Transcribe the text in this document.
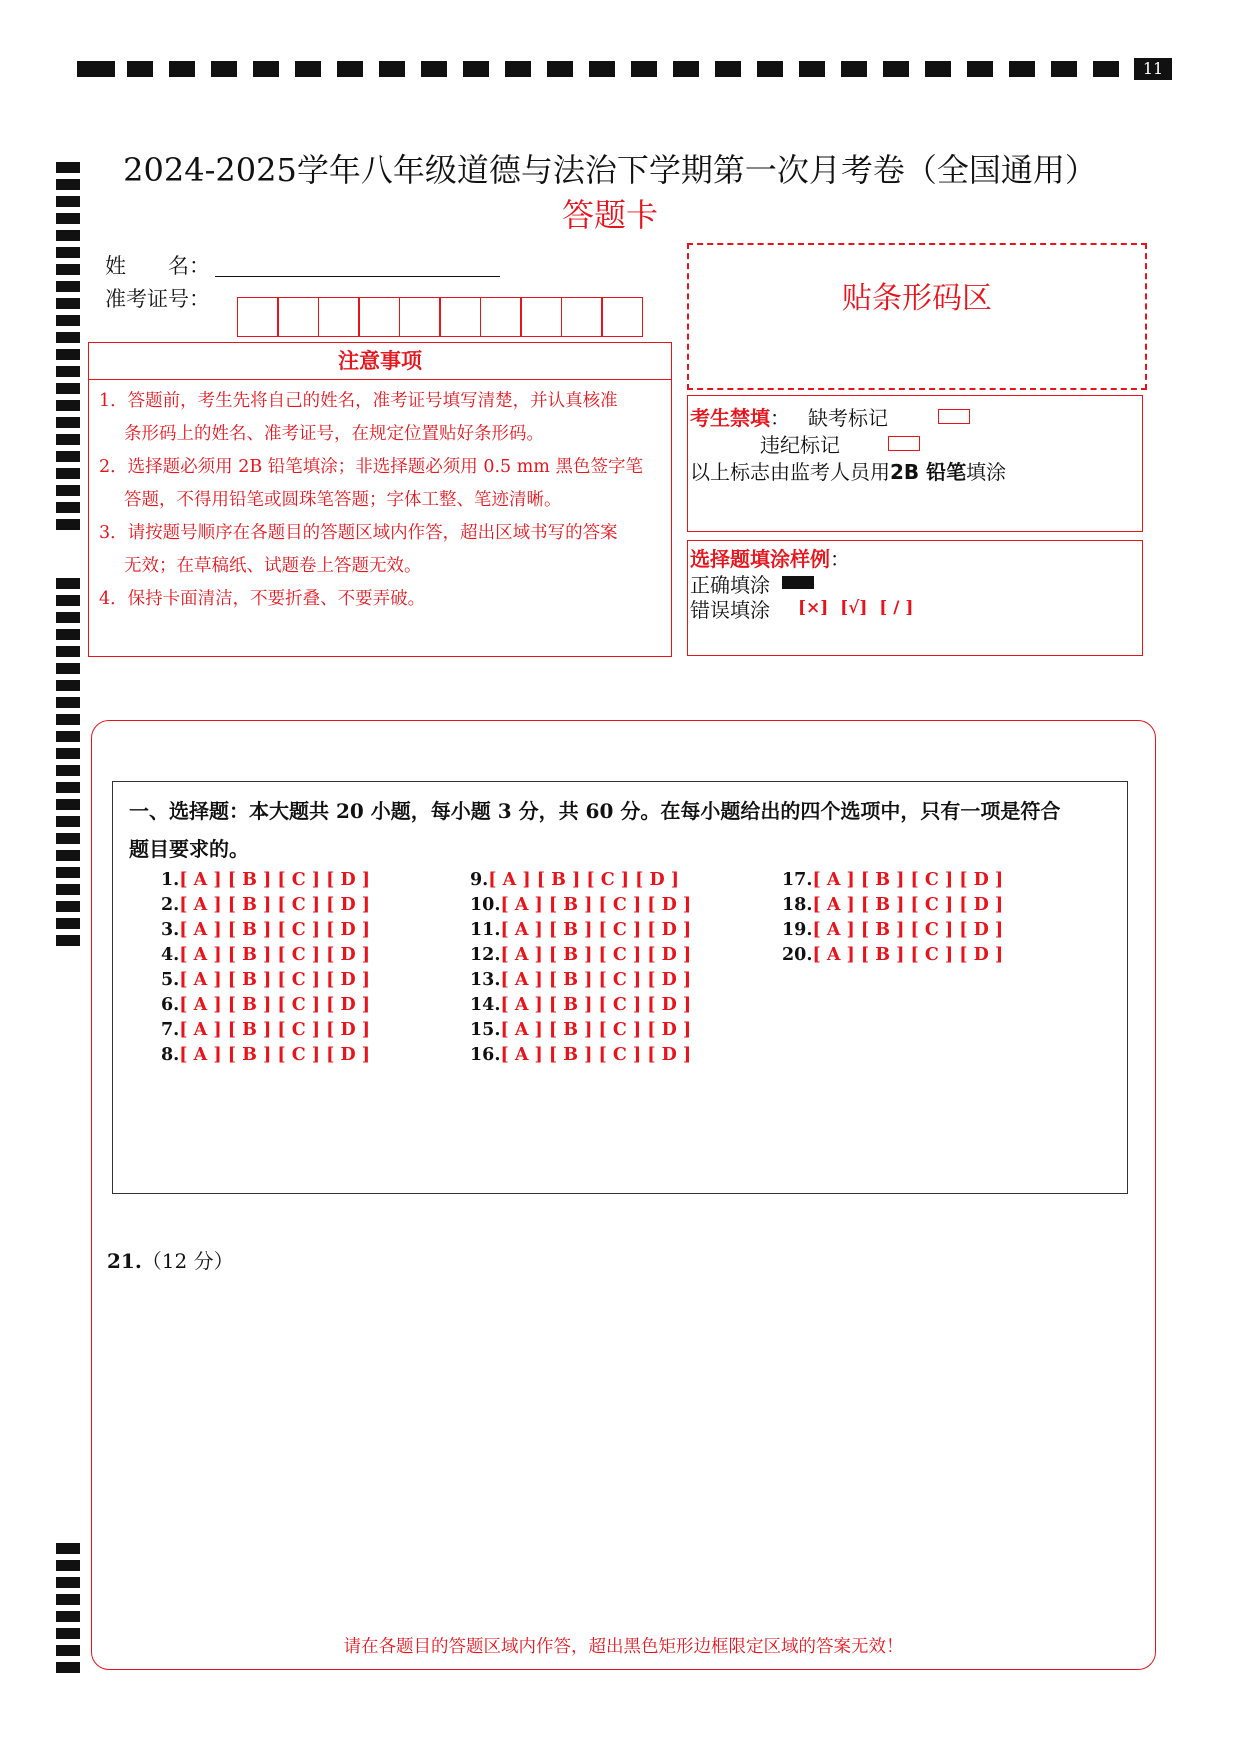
11
2024-2025学年八年级道德与法治下学期第一次月考卷（全国通用）
答题卡
姓　　名：
准考证号：
注意事项
1．答题前，考生先将自己的姓名，准考证号填写清楚，并认真核准
条形码上的姓名、准考证号，在规定位置贴好条形码。
2．选择题必须用 2B 铅笔填涂；非选择题必须用 0.5 mm 黑色签字笔
答题，不得用铅笔或圆珠笔答题；字体工整、笔迹清晰。
3．请按题号顺序在各题目的答题区域内作答，超出区域书写的答案
无效；在草稿纸、试题卷上答题无效。
4．保持卡面清洁，不要折叠、不要弄破。
贴条形码区
考生禁填： 缺考标记
违纪标记
以上标志由监考人员用2B 铅笔填涂
选择题填涂样例：
正确填涂
错误填涂 [×]  [√]  [ / ]
一、选择题：本大题共 20 小题，每小题 3 分，共 60 分。在每小题给出的四个选项中，只有一项是符合
题目要求的。
1.[ A ] [ B ] [ C ] [ D ]
2.[ A ] [ B ] [ C ] [ D ]
3.[ A ] [ B ] [ C ] [ D ]
4.[ A ] [ B ] [ C ] [ D ]
5.[ A ] [ B ] [ C ] [ D ]
6.[ A ] [ B ] [ C ] [ D ]
7.[ A ] [ B ] [ C ] [ D ]
8.[ A ] [ B ] [ C ] [ D ]
9.[ A ] [ B ] [ C ] [ D ]
10.[ A ] [ B ] [ C ] [ D ]
11.[ A ] [ B ] [ C ] [ D ]
12.[ A ] [ B ] [ C ] [ D ]
13.[ A ] [ B ] [ C ] [ D ]
14.[ A ] [ B ] [ C ] [ D ]
15.[ A ] [ B ] [ C ] [ D ]
16.[ A ] [ B ] [ C ] [ D ]
17.[ A ] [ B ] [ C ] [ D ]
18.[ A ] [ B ] [ C ] [ D ]
19.[ A ] [ B ] [ C ] [ D ]
20.[ A ] [ B ] [ C ] [ D ]
21.（12 分）
请在各题目的答题区域内作答，超出黑色矩形边框限定区域的答案无效！
